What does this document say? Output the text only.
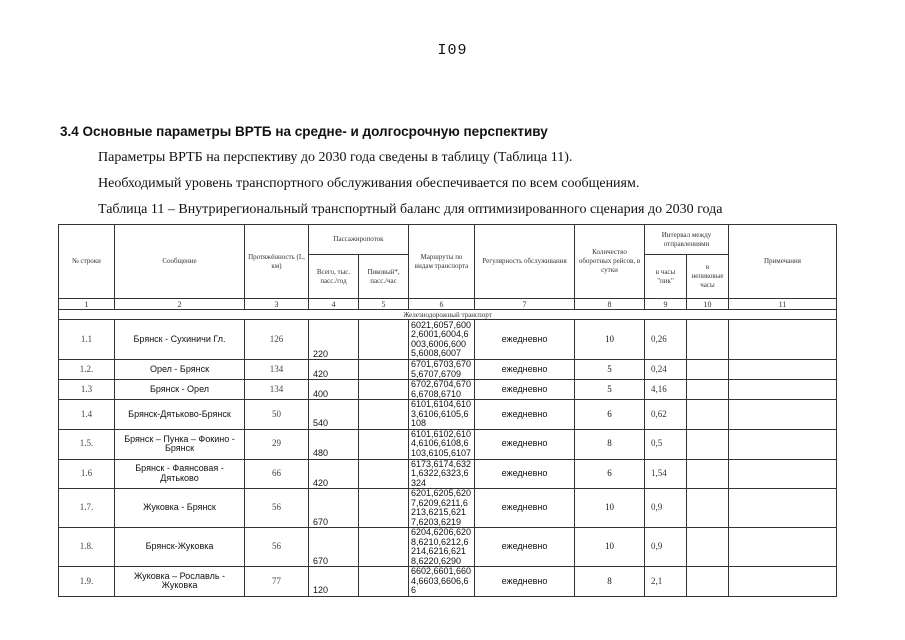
I09
3.4 Основные параметры ВРТБ на средне- и долгосрочную перспективу
Параметры ВРТБ на перспективу до 2030 года сведены в таблицу (Таблица 11).
Необходимый уровень транспортного обслуживания обеспечивается по всем сообщениям.
Таблица 11 – Внутрирегиональный транспортный баланс для оптимизированного сценария до 2030 года
№ строки	Сообщение	Протяжённость (L, км)	Пассажиропоток		Маршруты по видам транспорта	Регулярность обслуживания	Количество оборотных рейсов, в сутки	Интервал между отправлениями		Примечания
			Всего, тыс. пасс./год	Пиковый*, пасс./час				в часы "пик"	в непиковые часы	
1	2	3	4	5	6	7	8	9	10	11
Железнодорожный транспорт										
1.1	Брянск - Сухиничи Гл.	126	220		6021,6057,6002,6001,6004,6003,6006,6005,6008,6007	ежедневно	10	0,26		
1.2.	Орел - Брянск	134	420		6701,6703,6705,6707,6709	ежедневно	5	0,24		
1.3	Брянск - Орел	134	400		6702,6704,6706,6708,6710	ежедневно	5	4,16		
1.4	Брянск-Дятьково-Брянск	50	540		6101,6104,6103,6106,6105,6108	ежедневно	6	0,62		
1.5.	Брянск – Пунка – Фокино - Брянск	29	480		6101,6102,6104,6106,6108,6103,6105,6107	ежедневно	8	0,5		
1.6	Брянск - Фаянсовая - Дятьково	66	420		6173,6174,6321,6322,6323,6324	ежедневно	6	1,54		
1.7.	Жуковка - Брянск	56	670		6201,6205,6207,6209,6211,6213,6215,6217,6203,6219	ежедневно	10	0,9		
1.8.	Брянск-Жуковка	56	670		6204,6206,6208,6210,6212,6214,6216,6218,6220,6290	ежедневно	10	0,9		
1.9.	Жуковка – Рославль - Жуковка	77	120		6602,6601,6604,6603,6606,66	ежедневно	8	2,1		
